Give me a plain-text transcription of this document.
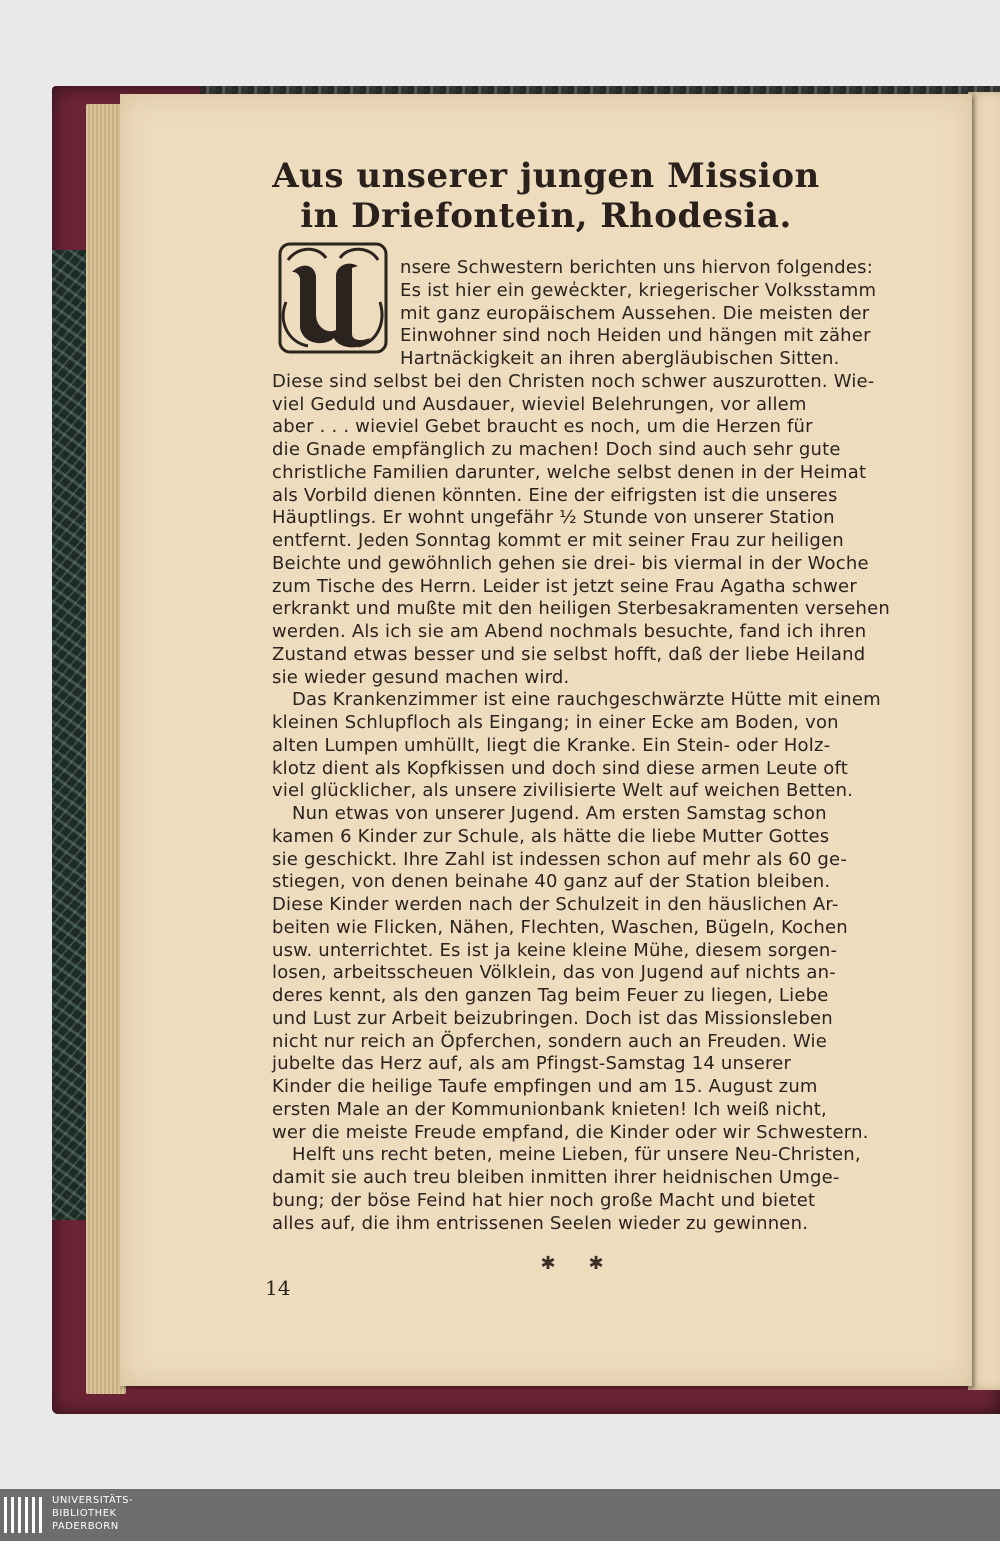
Aus unserer jungen Mission
in Driefontein, Rhodesia.
U
nsere Schwestern berichten uns hiervon folgendes:
Es ist hier ein gewe̍ckter, kriegerischer Volksstamm
mit ganz europäischem Aussehen. Die meisten der
Einwohner sind noch Heiden und hängen mit zäher
Hartnäckigkeit an ihren abergläubischen Sitten.
Diese sind selbst bei den Christen noch schwer auszurotten. Wie-
viel Geduld und Ausdauer, wieviel Belehrungen, vor allem
aber . . . wieviel Gebet braucht es noch, um die Herzen für
die Gnade empfänglich zu machen! Doch sind auch sehr gute
christliche Familien darunter, welche selbst denen in der Heimat
als Vorbild dienen könnten. Eine der eifrigsten ist die unseres
Häuptlings. Er wohnt ungefähr ½ Stunde von unserer Station
entfernt. Jeden Sonntag kommt er mit seiner Frau zur heiligen
Beichte und gewöhnlich gehen sie drei- bis viermal in der Woche
zum Tische des Herrn. Leider ist jetzt seine Frau Agatha schwer
erkrankt und mußte mit den heiligen Sterbesakramenten versehen
werden. Als ich sie am Abend nochmals besuchte, fand ich ihren
Zustand etwas besser und sie selbst hofft, daß der liebe Heiland
sie wieder gesund machen wird.
Das Krankenzimmer ist eine rauchgeschwärzte Hütte mit einem
kleinen Schlupfloch als Eingang; in einer Ecke am Boden, von
alten Lumpen umhüllt, liegt die Kranke. Ein Stein- oder Holz-
klotz dient als Kopfkissen und doch sind diese armen Leute oft
viel glücklicher, als unsere zivilisierte Welt auf weichen Betten.
Nun etwas von unserer Jugend. Am ersten Samstag schon
kamen 6 Kinder zur Schule, als hätte die liebe Mutter Gottes
sie geschickt. Ihre Zahl ist indessen schon auf mehr als 60 ge-
stiegen, von denen beinahe 40 ganz auf der Station bleiben.
Diese Kinder werden nach der Schulzeit in den häuslichen Ar-
beiten wie Flicken, Nähen, Flechten, Waschen, Bügeln, Kochen
usw. unterrichtet. Es ist ja keine kleine Mühe, diesem sorgen-
losen, arbeitsscheuen Völklein, das von Jugend auf nichts an-
deres kennt, als den ganzen Tag beim Feuer zu liegen, Liebe
und Lust zur Arbeit beizubringen. Doch ist das Missionsleben
nicht nur reich an Öpferchen, sondern auch an Freuden. Wie
jubelte das Herz auf, als am Pfingst-Samstag 14 unserer
Kinder die heilige Taufe empfingen und am 15. August zum
ersten Male an der Kommunionbank knieten! Ich weiß nicht,
wer die meiste Freude empfand, die Kinder oder wir Schwestern.
Helft uns recht beten, meine Lieben, für unsere Neu-Christen,
damit sie auch treu bleiben inmitten ihrer heidnischen Umge-
bung; der böse Feind hat hier noch große Macht und bietet
alles auf, die ihm entrissenen Seelen wieder zu gewinnen.
✱ ✱
14
UNIVERSITÄTS-
BIBLIOTHEK
PADERBORN
